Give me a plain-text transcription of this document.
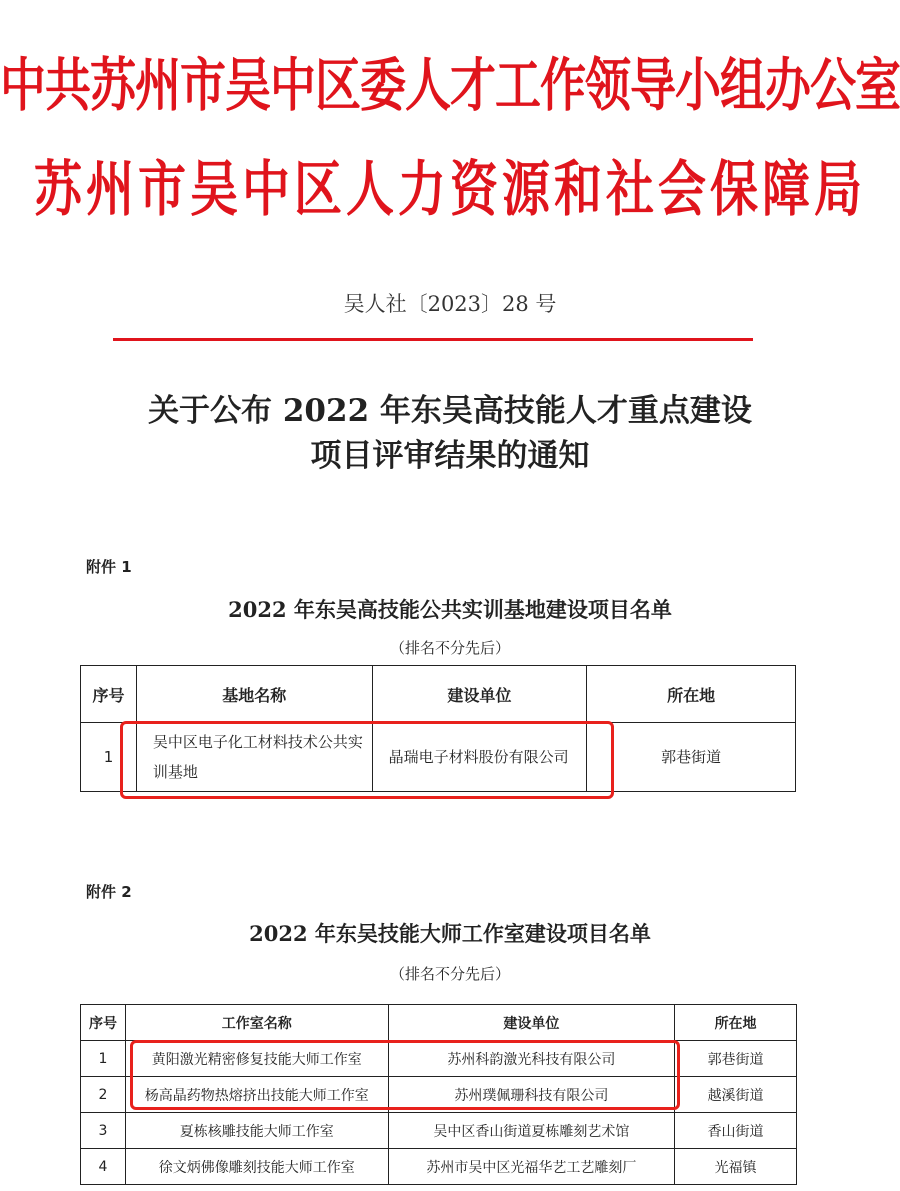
中共苏州市吴中区委人才工作领导小组办公室
苏州市吴中区人力资源和社会保障局
吴人社〔2023〕28 号
关于公布 2022 年东吴高技能人才重点建设
项目评审结果的通知
附件 1
2022 年东吴高技能公共实训基地建设项目名单
（排名不分先后）
序号	基地名称	建设单位	所在地
1	吴中区电子化工材料技术公共实训基地	晶瑞电子材料股份有限公司	郭巷街道
附件 2
2022 年东吴技能大师工作室建设项目名单
（排名不分先后）
序号	工作室名称	建设单位	所在地
1	黄阳激光精密修复技能大师工作室	苏州科韵激光科技有限公司	郭巷街道
2	杨高晶药物热熔挤出技能大师工作室	苏州璞佩珊科技有限公司	越溪街道
3	夏栋核雕技能大师工作室	吴中区香山街道夏栋雕刻艺术馆	香山街道
4	徐文炳佛像雕刻技能大师工作室	苏州市吴中区光福华艺工艺雕刻厂	光福镇
